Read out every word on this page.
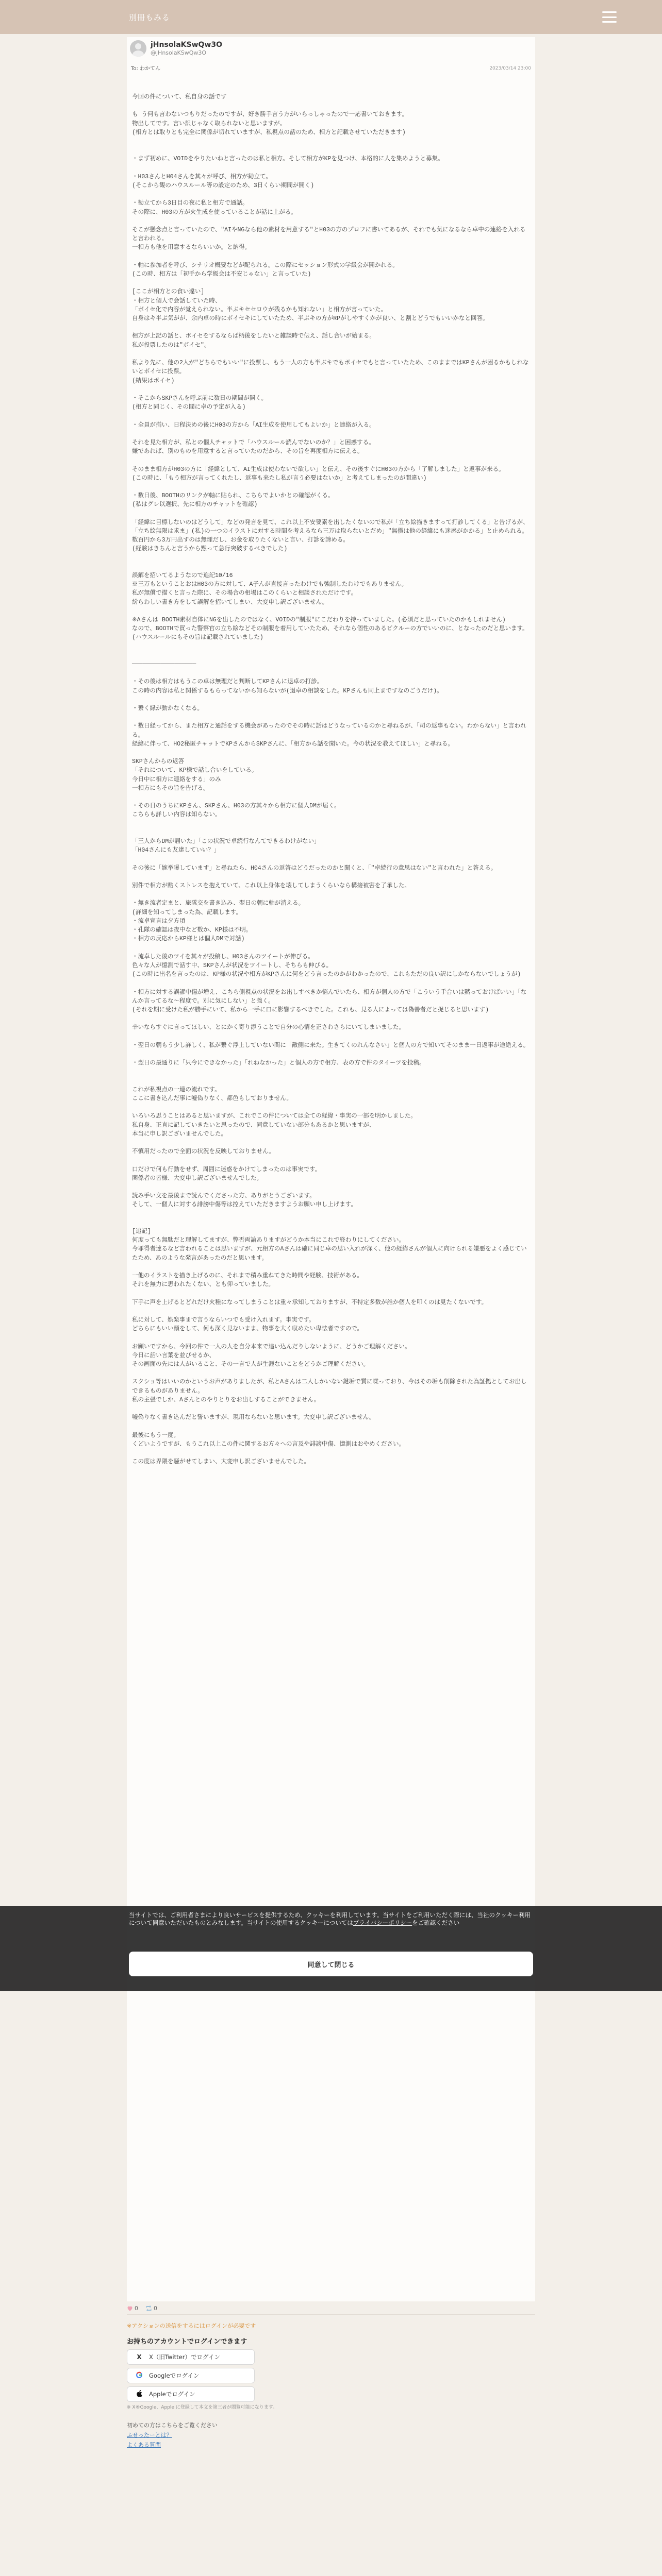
別冊もみる
jHnsolaKSwQw3O
@jHnsolaKSwQw3O
To: わかてん	2023/03/14 23:00
今回の件について、私自身の話です

も う何も言わないつもりだったのですが、好き勝手言う方がいらっしゃったので一応書いておきます。
物出してです。言い訳じゃなく取られないと思いますが。
(相方とは取りとも完全に関係が切れていますが、私視点の話のため、相方と記載させていただきます)

・まず初めに、VOIDをやりたいねと言ったのは私と相方。そして相方がKPを見つけ、本格的に人を集めようと募集。

・H03さんとH04さんを其々が呼び、相方が勧立て。
(そこから観のハウスルール等の設定のため、3日くらい期間が開く)

・勧立てから3日目の夜に私と相方で通話。
その際に、H03の方が火生成を使っていることが話に上がる。

そこが懸念点と言っていたので、"AIやNGなら他の素材を用意する"とH03の方のプロフに書いてあるが、それでも気になるなら卓中の連絡を入れると言われる。
一相方も他を用意するならいいか。と納得。

・軸に参加者を呼び、シナリオ概要などが配られる。この際にセッション形式の学級会が開かれる。
(この時、相方は「初手から学級会は不安じゃない」と言っていた)

[ここが相方との食い違い]
・相方と個人で会話していた時、
「ボイセ化で内容が覚えられない。半ぶキセセロウが残るかも知れない」と相方が言っていた。
自身はキ半ぶ気がが、余内卓の時にボイセキにしていたため、半ぶキの方がRPがしやすくかが良い、と割とどうでもいいかなと回答。

相方が上記の話と、ボイセをするならば柄後をしたいと雑談時で伝え、話し合いが始まる。
私が投票したのは"ボイセ"。

私より先に、他の2人が"どちらでもいい"に投票し、もう一人の方も半ぶキでもボイセでもと言っていたため、このままではKPさんが困るかもしれないとボイセに投票。
(結果はボイセ)

・そこからSKPさんを呼ぶ前に数日の期間が開く。
(相方と同じく、その間に卓の予定が入る)

・全員が揃い、日程決めの後にH03の方から「AI生成を使用してもよいか」と連絡が入る。

それを見た相方が、私との個人チャットで「ハウスルール読んでないのか？」と困惑する。
嫌であれば、別のものを用意すると言っていたのだから、その旨を再度相方に伝える。

そのまま相方がH03の方に「経緯として、AI生成は使わないで欲しい」と伝え、その後すぐにH03の方から「了解しました」と返事が来る。
(この時に、「もう相方が言ってくれたし、返事も来たし私が言う必要はないか」と考えてしまったのが間違い)

・数日後、BOOTHのリンクが軸に貼られ、こちらでよいかとの確認がくる。
(私はグレ以選択、先に相方のチャットを確認)

「経緯に目標しないのはどうして」などの発言を見て、これ以上不安要素を出したくないので私が「立ち絵描きますって打診してくる」と告げるが、
「立ち絵無限は求ま」(私)の一つのイラストに対する時間を考えるなら三万は取らないとだめ」"無償は他の経緯にも迷惑がかかる」と止められる。
数百円から3万円出すのは無理だし、お金を取りたくないと言い、打診を諦める。
(経験はきちんと言うから黙って急行突破するべきでした)

誤解を招いてるようなので追記10/16
※三万もということおはH03の方に対して、A子んが直接言ったわけでも強制したわけでもありません。
私が無償で描くと言った際に、その場合の相場はこのくらいと相談されただけです。
紛らわしい書き方をして誤解を招いてしまい、大変申し訳ございません。

※Aさんは BOOTH素材自体にNGを出したのではなく、VOIDの"制服"にこだわりを持っていました。(必須だと思っていたのかもしれません)
なので、BOOTHで買った警察官の立ち絵などその制服を着用していたため、それなら個性のあるピクルーの方でいいのに、となったのだと思います。
(ハウスルールにもその旨は記載されていました)

──────────────────

・その後は相方はもうこの卓は無理だと判断してKPさんに退卓の打診。
この時の内容は私と関係するもらってないから知らないが(退卓の相談をした。KPさんも同上まですなのごうだけ)。

・繋く縁が動かなくなる。

・数日経ってから、また相方と通話をする機会があったのでその時に話はどうなっているのかと尋ねるが、「司の返事もない。わからない」と言われる。
経緯に伴って、HO2秘匿チャットでKPさんからSKPさんに、「相方から話を聞いた。今の状況を教えてほしい」と尋ねる。

SKPさんからの返答
「それについて、KP様で話し合いをしている。
今日中に相方に連絡をする」のみ
一相方にもその旨を告げる。

・その日のうちにKPさん、SKPさん、H03の方其々から相方に個人DMが届く。
こちらも詳しい内容は知らない。

「三人からDMが届いた」「この状況で卓続行なんてできるわけがない」
「H04さんにも友達していい？」

その後に「婉挙曝しています」と尋ねたら、H04さんの返答はどうだったのかと聞くと、「"卓続行の意思はない"と言われた」と答える。

別件で相方が酷くストレスを抱えていて、これ以上身体を壊してしまうくらいなら構接被害を了承した。

・無き流者定まと、旅隊交を書き込み、翌日の朝に軸が消える。
(詳細を知ってしまった為、記載します。
・流卓宣言は夕方頃
・孔隊の確認は夜中など数か、KP様は不明。
・相方の反応からKP様とは個人DMで対話)

・流卓した後のツイを其々が投稿し、H03さんのツイートが伸びる。
色々な人が憶測で話す中、SKPさんが状況をツイートし、そちらも伸びる。
(この時に出名を言ったのは、KP様の状況や相方がKPさんに何をどう言ったのかがわかったので、これもただの良い訳にしかならないでしょうが)

・相方に対する誤謬中傷が増え、こちら側視点の状況をお出しすべきか悩んでいたら、相方が個人の方で「こういう手合いは黙っておけばいい」「なんか言ってるな～程度で。別に気にしない」と強く。
(それを期に受けた私が勝手にいて、私から一手に口に影響するべきでした。これも、見る人によっては偽善者だと捉じると思います)

辛いならすぐに言ってほしい、とにかく寄り添うことで自分の心情を正さわさらにいてしまいました。

・翌日の朝もう少し詳しく、私が繋ぐ浮上していない間に「敵側に来た。生きてくのれんなさい」と個人の方で知いてそのまま一日返事が途絶える。

・翌日の最通りに「只今にできなかった」「れねなかった」と個人の方で相方、表の方で件のタイーツを投稿。

これが私視点の一連の流れです。
ここに書き込んだ事に嘘偽りなく、都色もしておりません。

いろいろ思うことはあると思いますが、これでこの件については全ての経緯・事実の一部を明かしました。
私自身、正直に記していきたいと思ったので、同意していない部分もあるかと思いますが、
本当に申し訳ございませんでした。

不慎用だったので全面の状況を反映しておりません。

口だけで何も行動をせず、周囲に迷惑をかけてしまったのは事実です。
関係者の皆様、大変申し訳ございませんでした。

読み手い文を最後まで読んでくださった方、ありがとうございます。
そして、一個人に対する誹謗中傷等は控えていただきますようお願い申し上げます。

[追記]
何度っても無駄だと理解してますが、弊否両論ありますがどうか本当にこれで終わりにしてください。
今罪得者達るなど言われることは思いますが、元相方のAさんは確に同じ卓の思い入れが深く、他の経緯さんが個人に向けられる嫌悪をよく感じていたため、あのような発言があったのだと思います。

一他のイラストを描き上げるのに、それまで積み重ねてきた時間や経験、技術がある。
それを無力に思われたくない、とも仰っていました。

下手に声を上げるとどれだけ火種になってしまうことは重々承知しておりますが、不特定多数が誰か個人を叩くのは見たくないです。

私に対して、娯楽事まで言うならいつでも受け入れます。事実です。
どちらにもいい顔をして、何も深く見ないまま、物事を大く収めたい卑怯者ですので。

お願いですから、今回の件で一人の人を自分本来で追い込んだりしないように、どうかご理解ください。
今日に話い言葉を並びせるか、
その画面の先には人がいること、その一言で人が生涯ないことをどうかご理解ください。

スクショ等はいいのかというお声がありましたが、私とAさんは二人しかいない鍵垢で質に喋っており、今はその垢も削除された為証拠としてお出しできるものがありません。
私の主張でしか、Aさんとのやりとりをお出しすることができません。

嘘偽りなく書き込んだと誓いますが、現用ならないと思います。大変申し訳ございません。

最後にもう一度。
くどいようですが、もうこれ以上この件に関するお方々への言及や誹謗中傷、憶測はおやめください。

この度は界隈を騒がせてしまい、大変申し訳ございませんでした。
0	0
※アクションの送信をするにはログインが必要です
お持ちのアカウントでログインできます
X	X（旧Twitter）でログイン
Googleでログイン
Appleでログイン
※ X®Google、Apple に登録して本文を第三者が閲覧可能になります。
初めての方はこちらをご覧ください
ふせったーとは？
よくある質問
当サイトでは、ご利用者さまにより良いサービスを提供するため、クッキーを利用しています。当サイトをご利用いただく際には、当社のクッキー利用について同意いただいたものとみなします。当サイトの使用するクッキーについてはプライバシーポリシーをご確認ください
同意して閉じる
